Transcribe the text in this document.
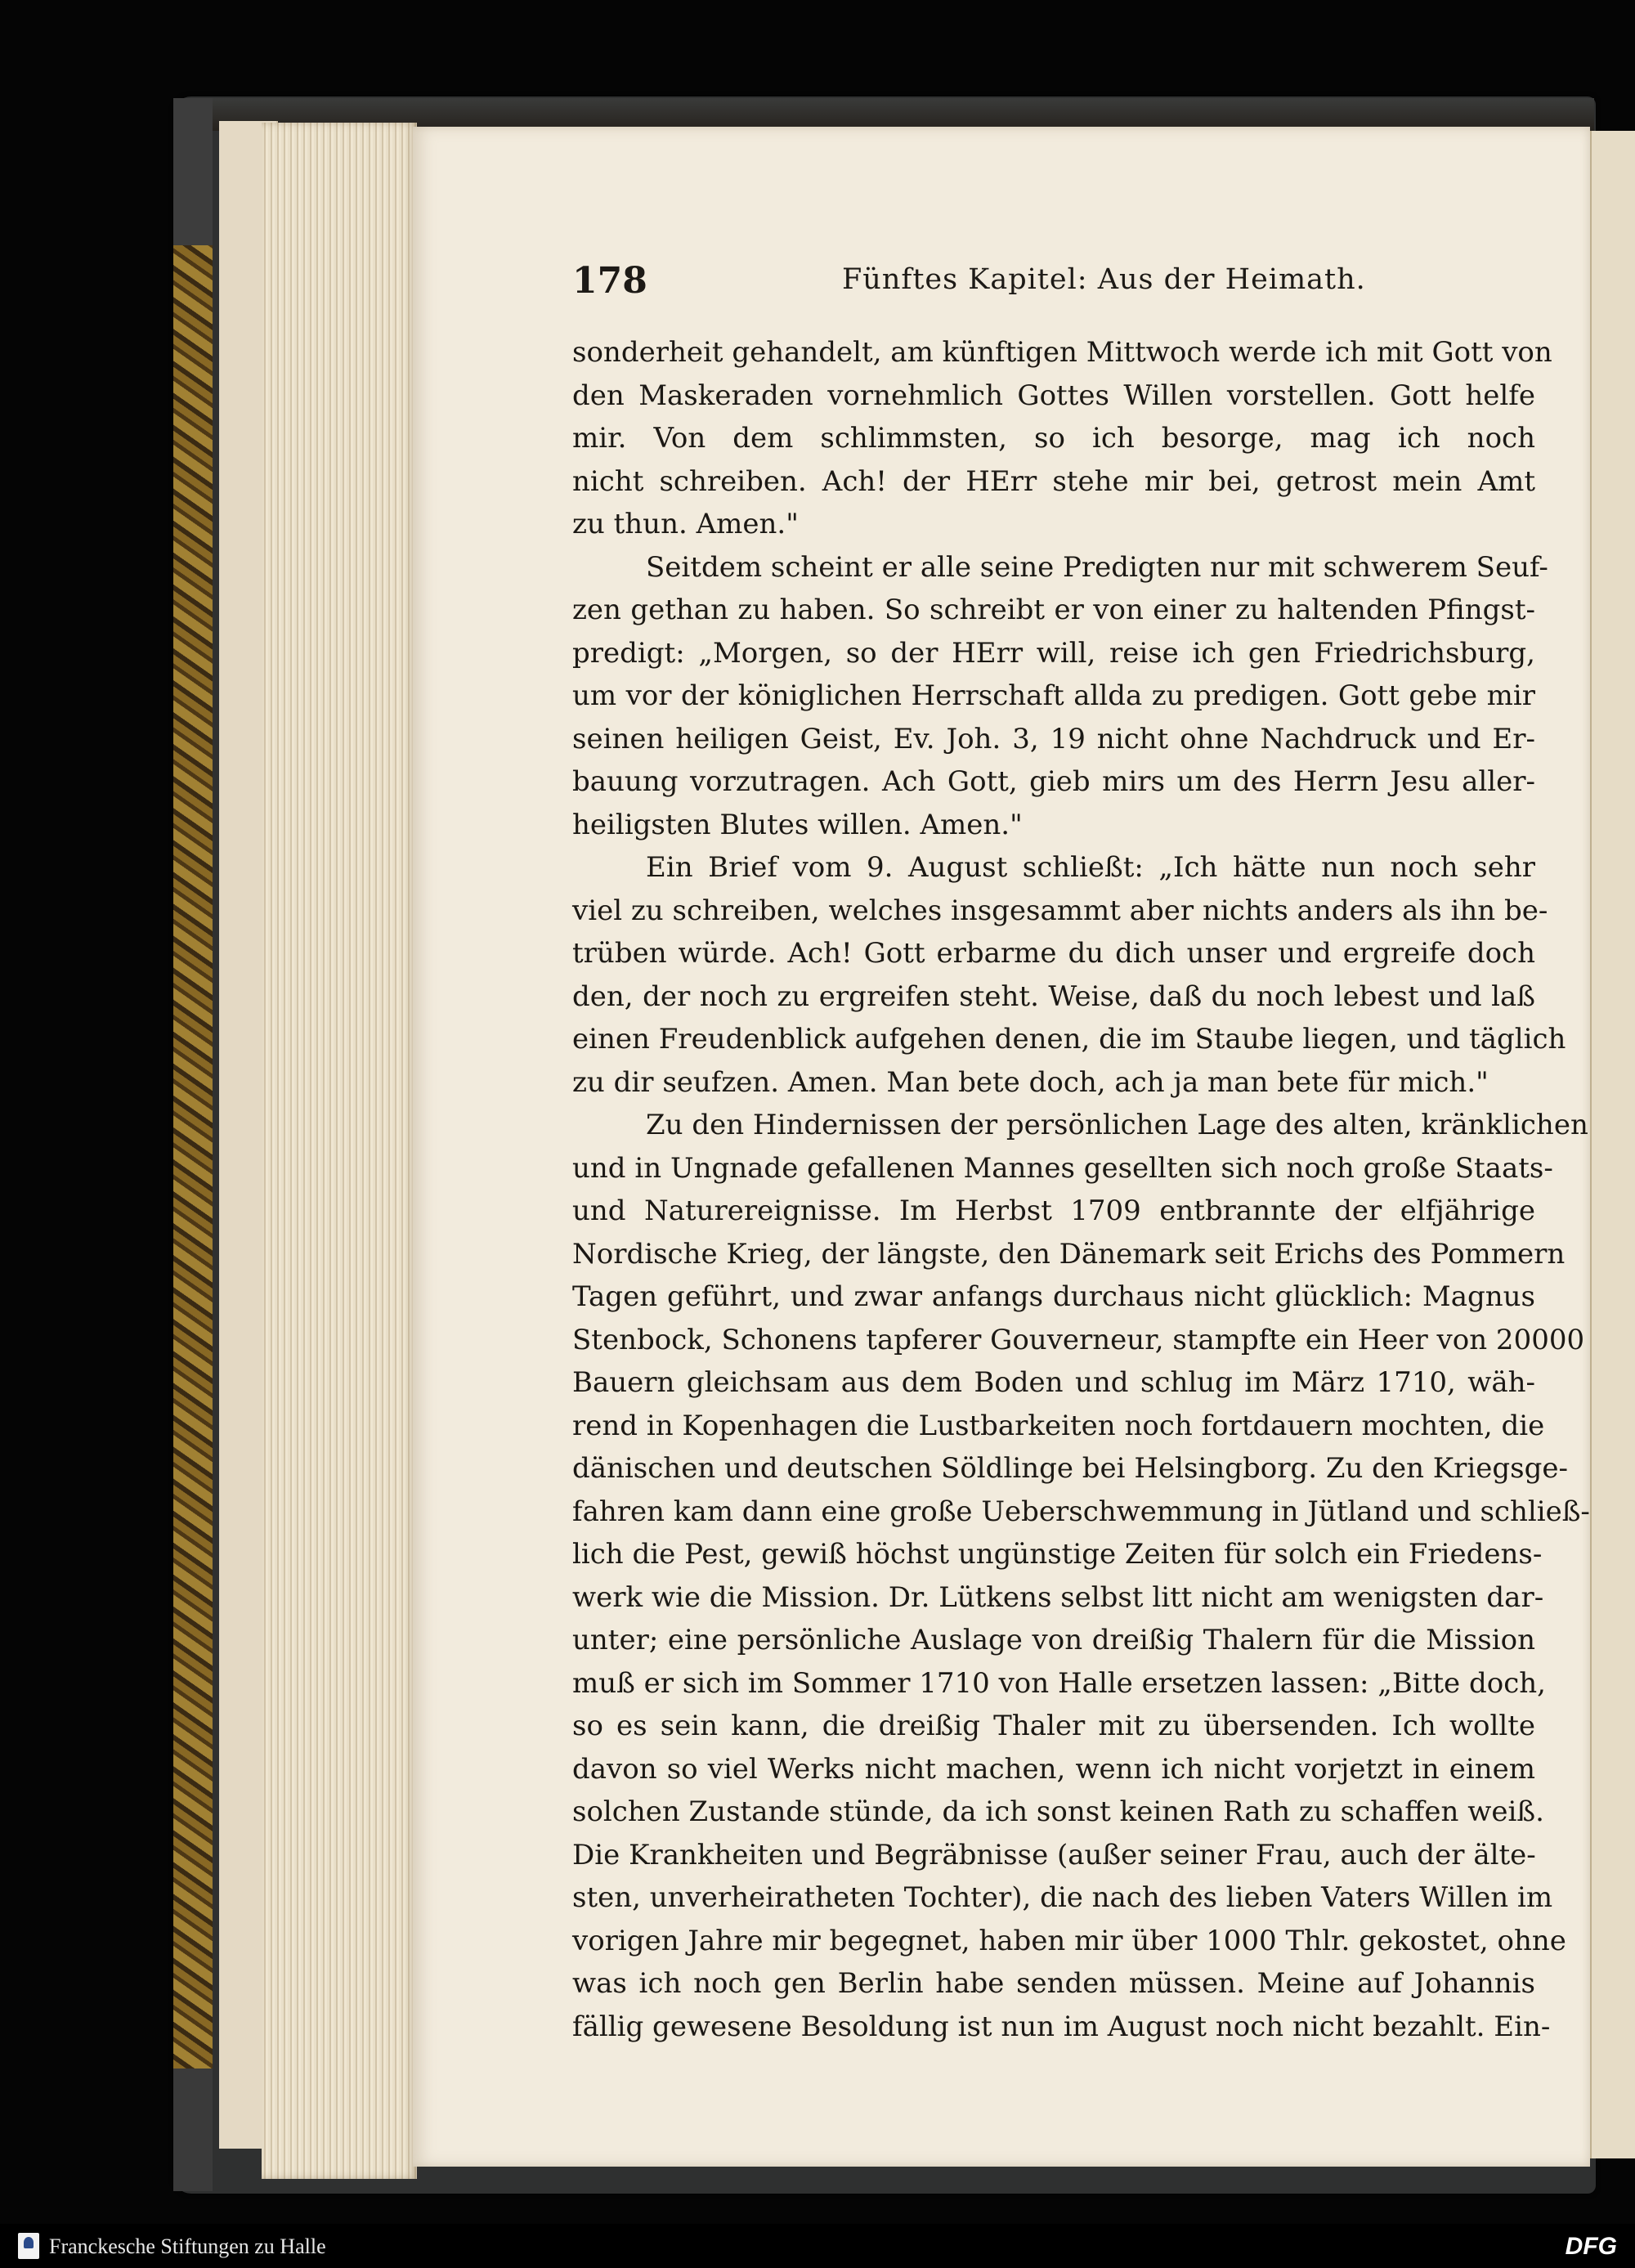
178	Fünftes Kapitel: Aus der Heimath.
sonderheit gehandelt, am künftigen Mittwoch werde ich mit Gott von
den Maskeraden vornehmlich Gottes Willen vorstellen. Gott helfe
mir. Von dem schlimmsten, so ich besorge, mag ich noch
nicht schreiben. Ach! der HErr stehe mir bei, getrost mein Amt
zu thun. Amen."
Seitdem scheint er alle seine Predigten nur mit schwerem Seuf-
zen gethan zu haben. So schreibt er von einer zu haltenden Pfingst-
predigt: „Morgen, so der HErr will, reise ich gen Friedrichsburg,
um vor der königlichen Herrschaft allda zu predigen. Gott gebe mir
seinen heiligen Geist, Ev. Joh. 3, 19 nicht ohne Nachdruck und Er-
bauung vorzutragen. Ach Gott, gieb mirs um des Herrn Jesu aller-
heiligsten Blutes willen. Amen."
Ein Brief vom 9. August schließt: „Ich hätte nun noch sehr
viel zu schreiben, welches insgesammt aber nichts anders als ihn be-
trüben würde. Ach! Gott erbarme du dich unser und ergreife doch
den, der noch zu ergreifen steht. Weise, daß du noch lebest und laß
einen Freudenblick aufgehen denen, die im Staube liegen, und täglich
zu dir seufzen. Amen. Man bete doch, ach ja man bete für mich."
Zu den Hindernissen der persönlichen Lage des alten, kränklichen
und in Ungnade gefallenen Mannes gesellten sich noch große Staats-
und Naturereignisse. Im Herbst 1709 entbrannte der elfjährige
Nordische Krieg, der längste, den Dänemark seit Erichs des Pommern
Tagen geführt, und zwar anfangs durchaus nicht glücklich: Magnus
Stenbock, Schonens tapferer Gouverneur, stampfte ein Heer von 20000
Bauern gleichsam aus dem Boden und schlug im März 1710, wäh-
rend in Kopenhagen die Lustbarkeiten noch fortdauern mochten, die
dänischen und deutschen Söldlinge bei Helsingborg. Zu den Kriegsge-
fahren kam dann eine große Ueberschwemmung in Jütland und schließ-
lich die Pest, gewiß höchst ungünstige Zeiten für solch ein Friedens-
werk wie die Mission. Dr. Lütkens selbst litt nicht am wenigsten dar-
unter; eine persönliche Auslage von dreißig Thalern für die Mission
muß er sich im Sommer 1710 von Halle ersetzen lassen: „Bitte doch,
so es sein kann, die dreißig Thaler mit zu übersenden. Ich wollte
davon so viel Werks nicht machen, wenn ich nicht vorjetzt in einem
solchen Zustande stünde, da ich sonst keinen Rath zu schaffen weiß.
Die Krankheiten und Begräbnisse (außer seiner Frau, auch der älte-
sten, unverheiratheten Tochter), die nach des lieben Vaters Willen im
vorigen Jahre mir begegnet, haben mir über 1000 Thlr. gekostet, ohne
was ich noch gen Berlin habe senden müssen. Meine auf Johannis
fällig gewesene Besoldung ist nun im August noch nicht bezahlt. Ein-
Franckesche Stiftungen zu Halle	DFG
